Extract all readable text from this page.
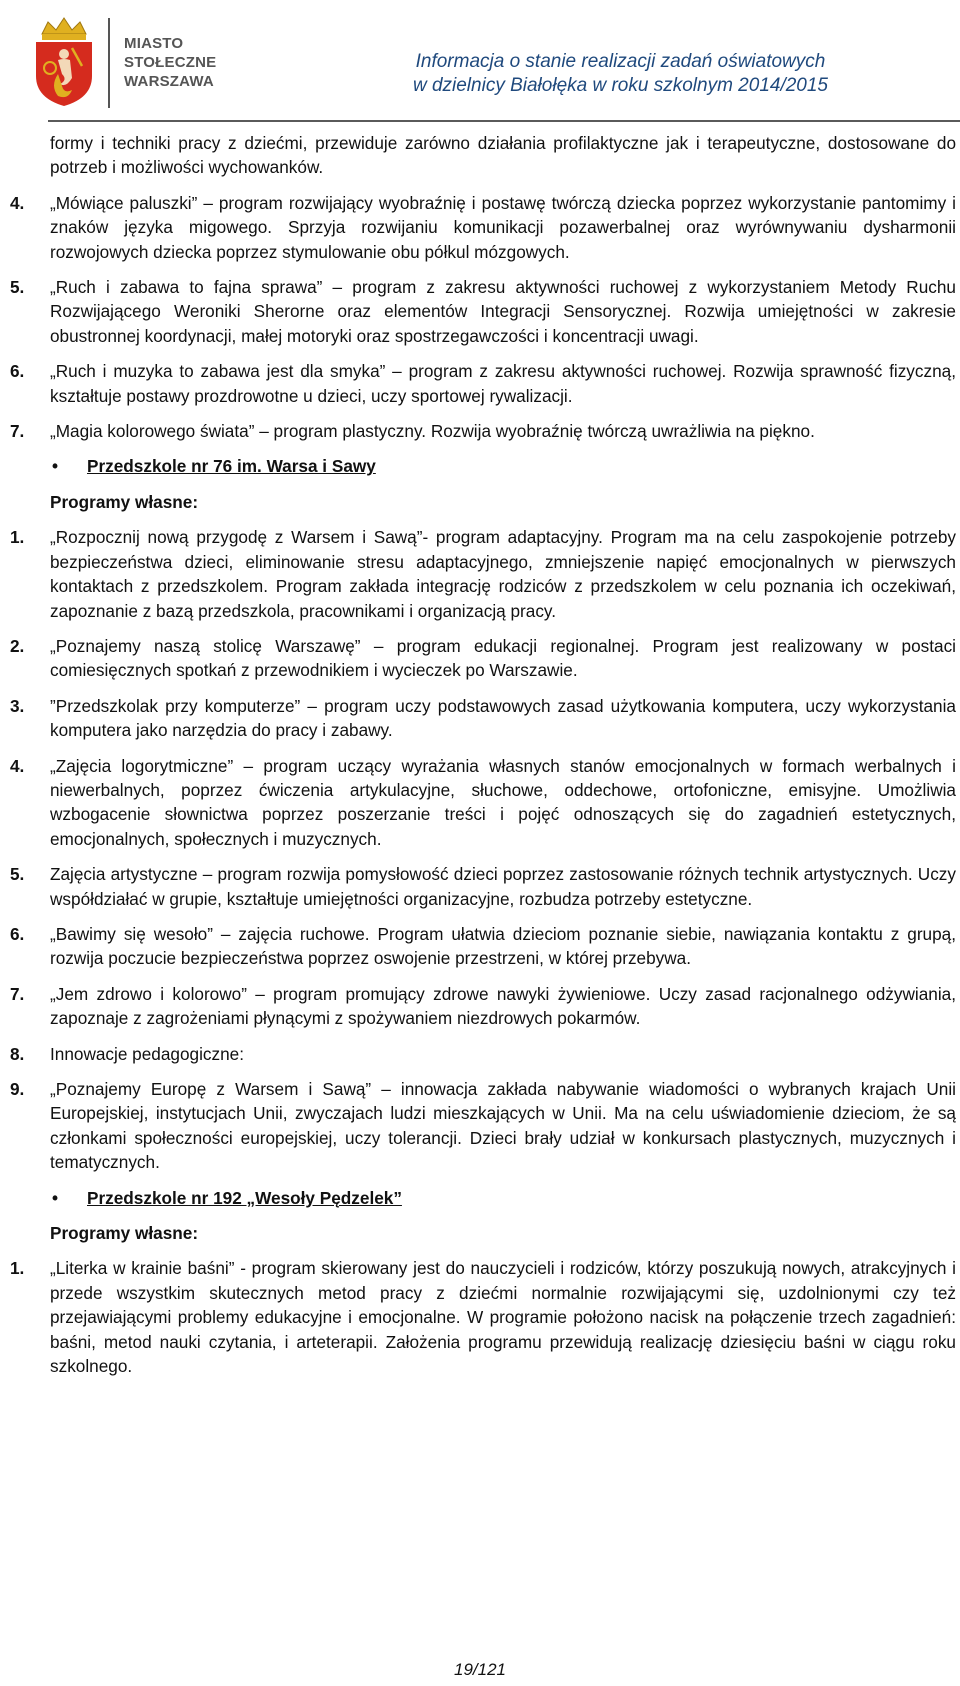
MIASTO
STOŁECZNE
WARSZAWA
Informacja o stanie realizacji zadań oświatowych
w dzielnicy Białołęka w roku szkolnym 2014/2015

formy i techniki pracy z dziećmi, przewiduje zarówno działania profilaktyczne jak i terapeutyczne, dostosowane do potrzeb i możliwości wychowanków.

4. „Mówiące paluszki” – program rozwijający wyobraźnię i postawę twórczą dziecka poprzez wykorzystanie pantomimy i znaków języka migowego. Sprzyja rozwijaniu komunikacji pozawerbalnej oraz wyrównywaniu dysharmonii rozwojowych dziecka poprzez stymulowanie obu półkul mózgowych.

5. „Ruch i zabawa to fajna sprawa” – program z zakresu aktywności ruchowej z wykorzystaniem Metody Ruchu Rozwijającego Weroniki Sherorne oraz elementów Integracji Sensorycznej. Rozwija umiejętności w zakresie obustronnej koordynacji, małej motoryki oraz spostrzegawczości i koncentracji uwagi.

6. „Ruch i muzyka to zabawa jest dla smyka” – program z zakresu aktywności ruchowej. Rozwija sprawność fizyczną, kształtuje postawy prozdrowotne u dzieci, uczy sportowej rywalizacji.

7. „Magia kolorowego świata” – program plastyczny. Rozwija wyobraźnię twórczą uwrażliwia na piękno.

• Przedszkole nr 76 im. Warsa i Sawy

Programy własne:

1. „Rozpocznij nową przygodę z Warsem i Sawą”- program adaptacyjny. Program ma na celu zaspokojenie potrzeby bezpieczeństwa dzieci, eliminowanie stresu adaptacyjnego, zmniejszenie napięć emocjonalnych w pierwszych kontaktach z przedszkolem. Program zakłada integrację rodziców z przedszkolem w celu poznania ich oczekiwań, zapoznanie z bazą przedszkola, pracownikami i organizacją pracy.

2. „Poznajemy naszą stolicę Warszawę” – program edukacji regionalnej. Program jest realizowany w postaci comiesięcznych spotkań z przewodnikiem i wycieczek po Warszawie.

3. ”Przedszkolak przy komputerze” – program uczy podstawowych zasad użytkowania komputera, uczy wykorzystania komputera jako narzędzia do pracy i zabawy.

4. „Zajęcia logorytmiczne” – program uczący wyrażania własnych stanów emocjonalnych w formach werbalnych i niewerbalnych, poprzez ćwiczenia artykulacyjne, słuchowe, oddechowe, ortofoniczne, emisyjne. Umożliwia wzbogacenie słownictwa poprzez poszerzanie treści i pojęć odnoszących się do zagadnień estetycznych, emocjonalnych, społecznych i muzycznych.

5. Zajęcia artystyczne – program rozwija pomysłowość dzieci poprzez zastosowanie różnych technik artystycznych. Uczy współdziałać w grupie, kształtuje umiejętności organizacyjne, rozbudza potrzeby estetyczne.

6. „Bawimy się wesoło” – zajęcia ruchowe. Program ułatwia dzieciom poznanie siebie, nawiązania kontaktu z grupą, rozwija poczucie bezpieczeństwa poprzez oswojenie przestrzeni, w której przebywa.

7. „Jem zdrowo i kolorowo” – program promujący zdrowe nawyki żywieniowe. Uczy zasad racjonalnego odżywiania, zapoznaje z zagrożeniami płynącymi z spożywaniem niezdrowych pokarmów.

8. Innowacje pedagogiczne:

9. „Poznajemy Europę z Warsem i Sawą” – innowacja zakłada nabywanie wiadomości o wybranych krajach Unii Europejskiej, instytucjach Unii, zwyczajach ludzi mieszkających w Unii. Ma na celu uświadomienie dzieciom, że są członkami społeczności europejskiej, uczy tolerancji. Dzieci brały udział w konkursach plastycznych, muzycznych i tematycznych.

• Przedszkole nr 192 „Wesoły Pędzelek”

Programy własne:

1. „Literka w krainie baśni” - program skierowany jest do nauczycieli i rodziców, którzy poszukują nowych, atrakcyjnych i przede wszystkim skutecznych metod pracy z dziećmi normalnie rozwijającymi się, uzdolnionymi czy też przejawiającymi problemy edukacyjne i emocjonalne. W programie położono nacisk na połączenie trzech zagadnień: baśni, metod nauki czytania, i arteterapii. Założenia programu przewidują realizację dziesięciu baśni w ciągu roku szkolnego.

19/121
